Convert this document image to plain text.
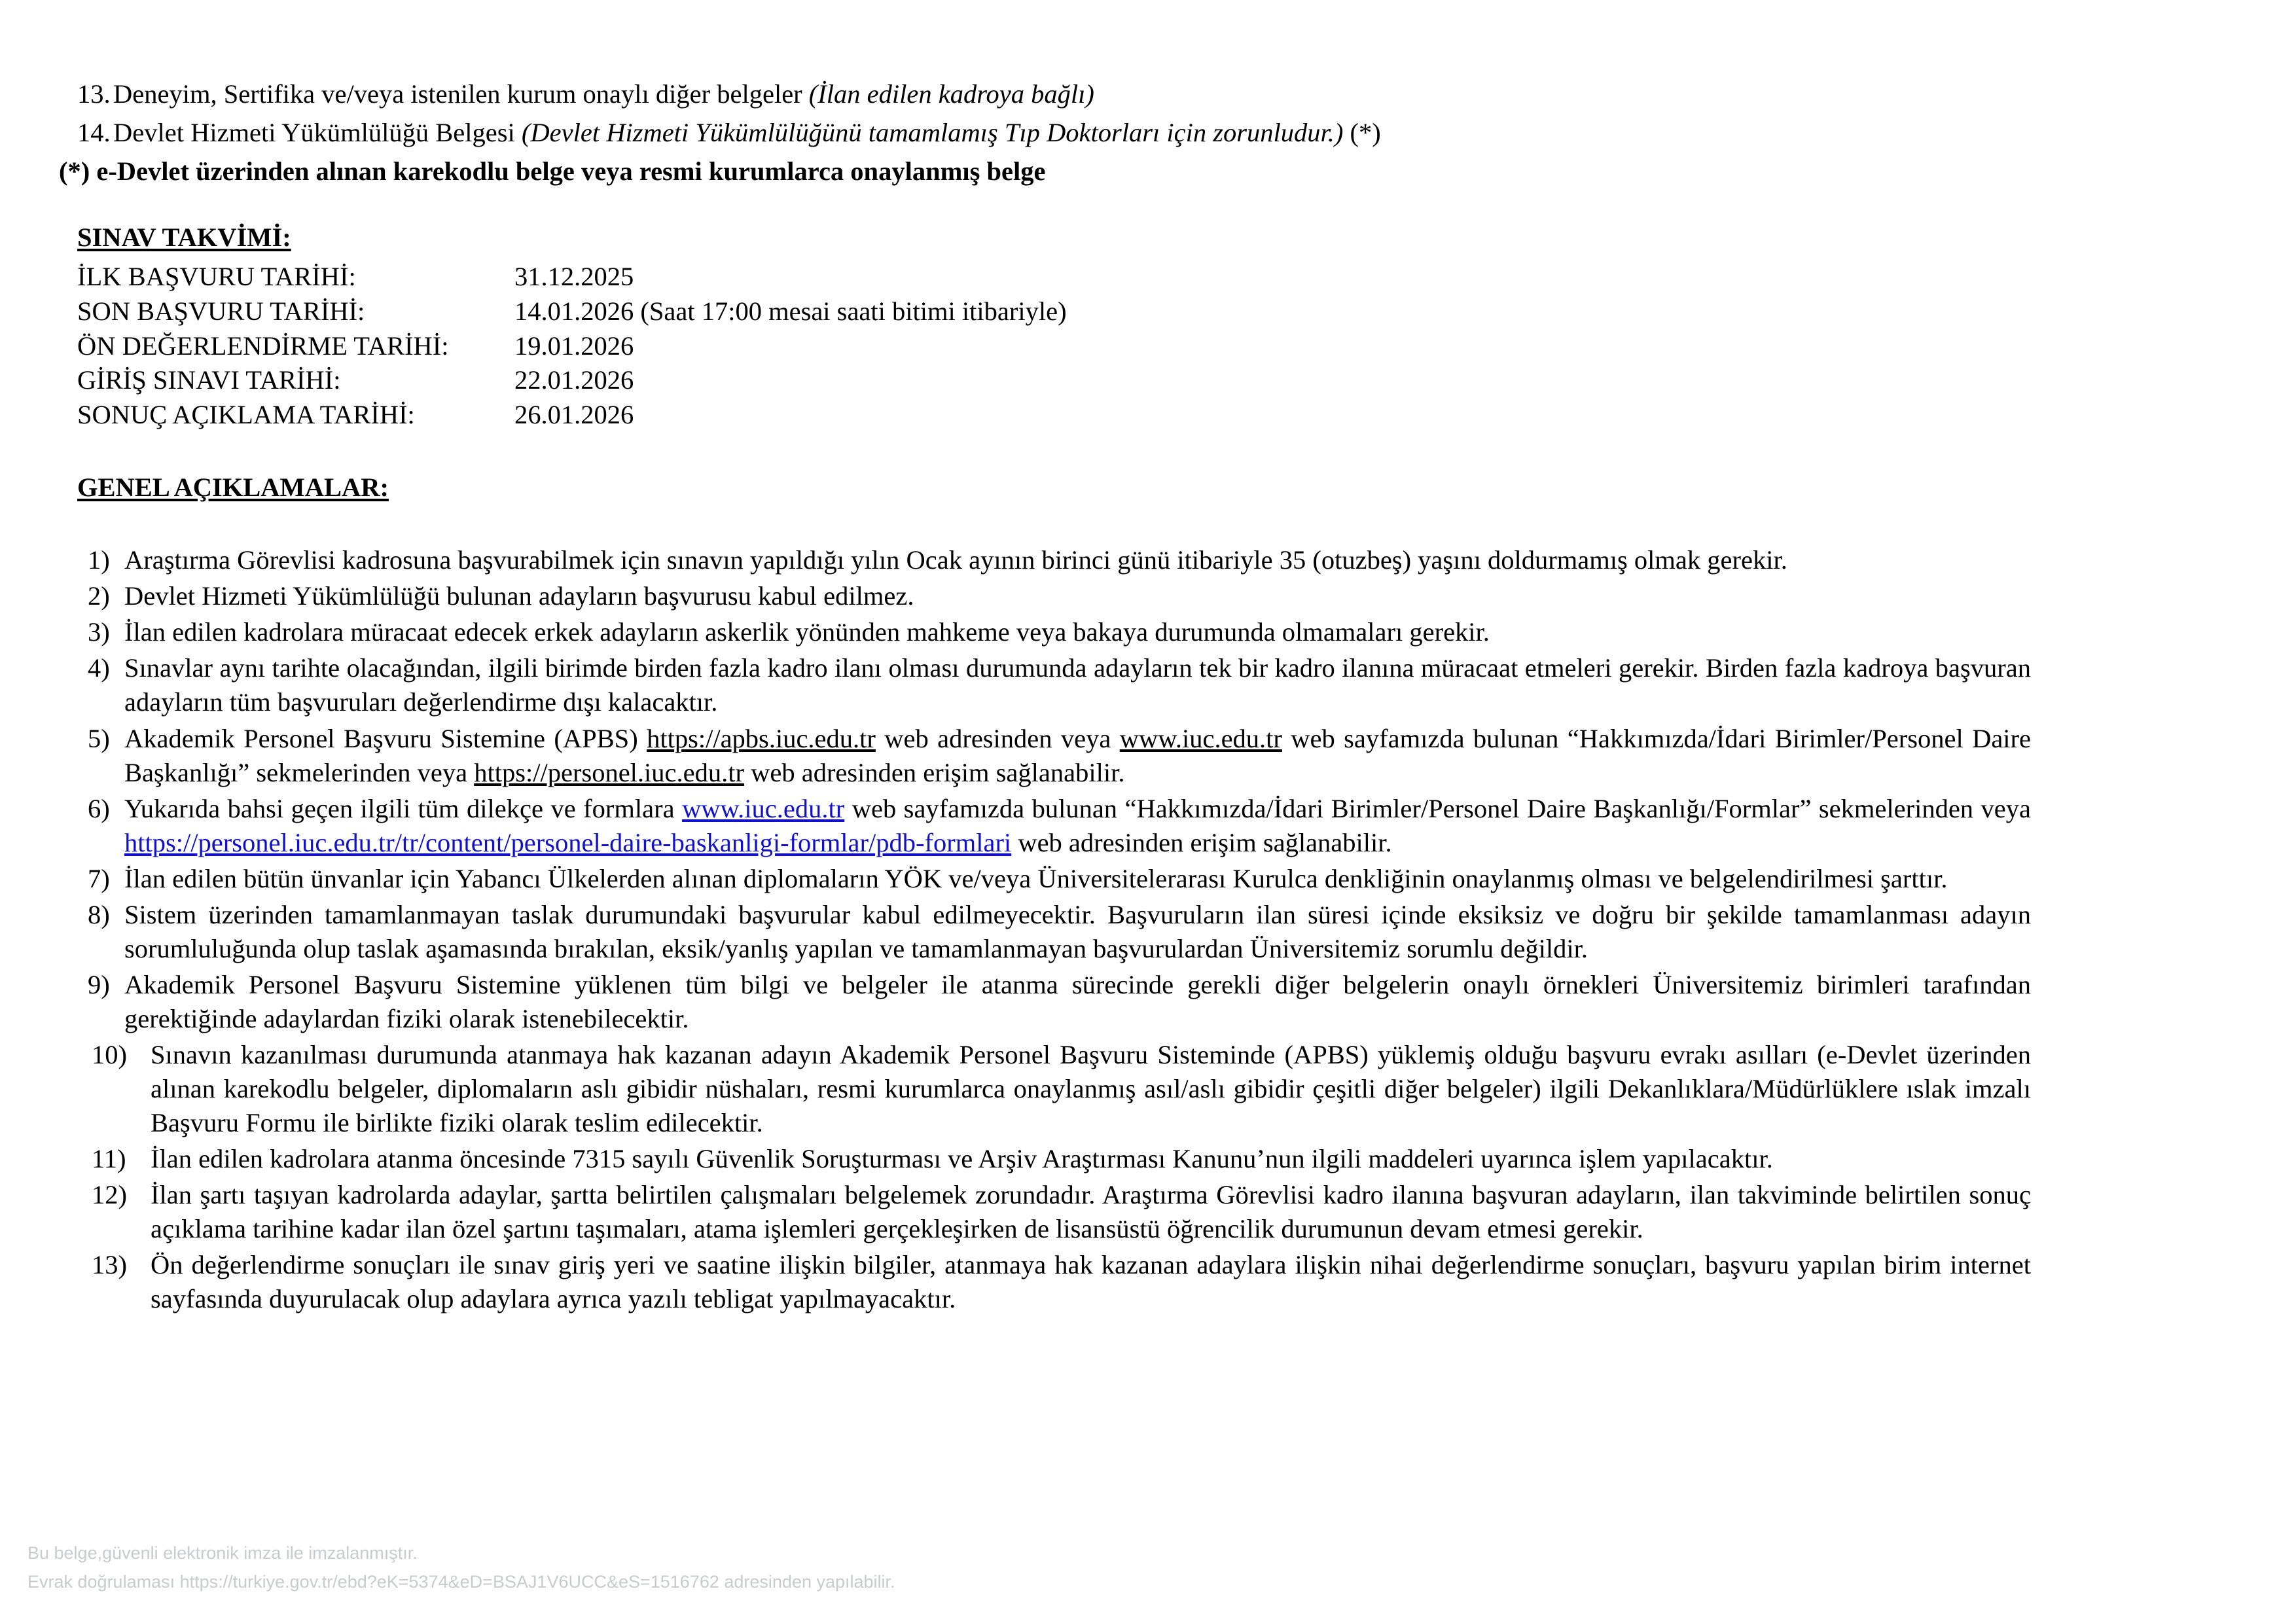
13. Deneyim, Sertifika ve/veya istenilen kurum onaylı diğer belgeler (İlan edilen kadroya bağlı)
14. Devlet Hizmeti Yükümlülüğü Belgesi (Devlet Hizmeti Yükümlülüğünü tamamlamış Tıp Doktorları için zorunludur.) (*)
(*) e-Devlet üzerinden alınan karekodlu belge veya resmi kurumlarca onaylanmış belge
SINAV TAKVİMİ:
İLK BAŞVURU TARİHİ:	31.12.2025
SON BAŞVURU TARİHİ:	14.01.2026 (Saat 17:00 mesai saati bitimi itibariyle)
ÖN DEĞERLENDİRME TARİHİ: 19.01.2026
GİRİŞ SINAVI TARİHİ:	22.01.2026
SONUÇ AÇIKLAMA TARİHİ:	26.01.2026
GENEL AÇIKLAMALAR:
1) Araştırma Görevlisi kadrosuna başvurabilmek için sınavın yapıldığı yılın Ocak ayının birinci günü itibariyle 35 (otuzbeş) yaşını doldurmamış olmak gerekir.
2) Devlet Hizmeti Yükümlülüğü bulunan adayların başvurusu kabul edilmez.
3) İlan edilen kadrolara müracaat edecek erkek adayların askerlik yönünden mahkeme veya bakaya durumunda olmamaları gerekir.
4) Sınavlar aynı tarihte olacağından, ilgili birimde birden fazla kadro ilanı olması durumunda adayların tek bir kadro ilanına müracaat etmeleri gerekir. Birden fazla kadroya başvuran adayların tüm başvuruları değerlendirme dışı kalacaktır.
5) Akademik Personel Başvuru Sistemine (APBS) https://apbs.iuc.edu.tr web adresinden veya www.iuc.edu.tr web sayfamızda bulunan “Hakkımızda/İdari Birimler/Personel Daire Başkanlığı” sekmelerinden veya https://personel.iuc.edu.tr web adresinden erişim sağlanabilir.
6) Yukarıda bahsi geçen ilgili tüm dilekçe ve formlara www.iuc.edu.tr web sayfamızda bulunan “Hakkımızda/İdari Birimler/Personel Daire Başkanlığı/Formlar” sekmelerinden veya https://personel.iuc.edu.tr/tr/content/personel-daire-baskanligi-formlar/pdb-formlari web adresinden erişim sağlanabilir.
7) İlan edilen bütün ünvanlar için Yabancı Ülkelerden alınan diplomaların YÖK ve/veya Üniversitelerarası Kurulca denkliğinin onaylanmış olması ve belgelendirilmesi şarttır.
8) Sistem üzerinden tamamlanmayan taslak durumundaki başvurular kabul edilmeyecektir. Başvuruların ilan süresi içinde eksiksiz ve doğru bir şekilde tamamlanması adayın sorumluluğunda olup taslak aşamasında bırakılan, eksik/yanlış yapılan ve tamamlanmayan başvurulardan Üniversitemiz sorumlu değildir.
9) Akademik Personel Başvuru Sistemine yüklenen tüm bilgi ve belgeler ile atanma sürecinde gerekli diğer belgelerin onaylı örnekleri Üniversitemiz birimleri tarafından gerektiğinde adaylardan fiziki olarak istenebilecektir.
10) Sınavın kazanılması durumunda atanmaya hak kazanan adayın Akademik Personel Başvuru Sisteminde (APBS) yüklemiş olduğu başvuru evrakı asılları (e-Devlet üzerinden alınan karekodlu belgeler, diplomaların aslı gibidir nüshaları, resmi kurumlarca onaylanmış asıl/aslı gibidir çeşitli diğer belgeler) ilgili Dekanlıklara/Müdürlüklere ıslak imzalı Başvuru Formu ile birlikte fiziki olarak teslim edilecektir.
11) İlan edilen kadrolara atanma öncesinde 7315 sayılı Güvenlik Soruşturması ve Arşiv Araştırması Kanunu’nun ilgili maddeleri uyarınca işlem yapılacaktır.
12) İlan şartı taşıyan kadrolarda adaylar, şartta belirtilen çalışmaları belgelemek zorundadır. Araştırma Görevlisi kadro ilanına başvuran adayların, ilan takviminde belirtilen sonuç açıklama tarihine kadar ilan özel şartını taşımaları, atama işlemleri gerçekleşirken de lisansüstü öğrencilik durumunun devam etmesi gerekir.
13) Ön değerlendirme sonuçları ile sınav giriş yeri ve saatine ilişkin bilgiler, atanmaya hak kazanan adaylara ilişkin nihai değerlendirme sonuçları, başvuru yapılan birim internet sayfasında duyurulacak olup adaylara ayrıca yazılı tebligat yapılmayacaktır.
Bu belge,güvenli elektronik imza ile imzalanmıştır.
Evrak doğrulaması https://turkiye.gov.tr/ebd?eK=5374&eD=BSAJ1V6UCC&eS=1516762 adresinden yapılabilir.
